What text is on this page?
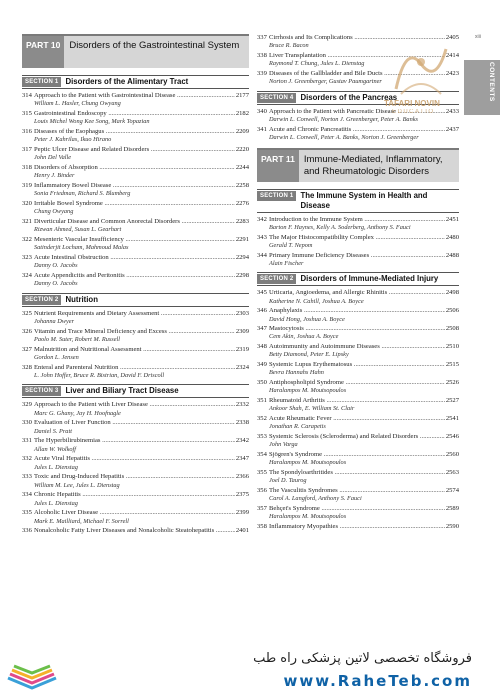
PART 10 Disorders of the Gastrointestinal System
SECTION 1 Disorders of the Alimentary Tract
314 Approach to the Patient with Gastrointestinal Disease .....	2177
William L. Hasler, Chung Owyang
315 Gastrointestinal Endoscopy .....	2182
Louis Michel Wong Kee Song, Mark Topazian
316 Diseases of the Esophagus .....	2209
Peter J. Kahrilas, Ikuo Hirano
317 Peptic Ulcer Disease and Related Disorders .....	2220
John Del Valle
318 Disorders of Absorption .....	2244
Henry J. Binder
319 Inflammatory Bowel Disease .....	2258
Sonia Friedman, Richard S. Blumberg
320 Irritable Bowel Syndrome .....	2276
Chung Owyang
321 Diverticular Disease and Common Anorectal Disorders .....	2283
Rizwan Ahmed, Susan L. Gearhart
322 Mesenteric Vascular Insufficiency .....	2291
Satinderjit Locham, Mahmoud Malas
323 Acute Intestinal Obstruction .....	2294
Danny O. Jacobs
324 Acute Appendicitis and Peritonitis .....	2298
Danny O. Jacobs
SECTION 2 Nutrition
325 Nutrient Requirements and Dietary Assessment .....	2303
Johanna Dwyer
326 Vitamin and Trace Mineral Deficiency and Excess .....	2309
Paolo M. Suter, Robert M. Russell
327 Malnutrition and Nutritional Assessment .....	2319
Gordon L. Jensen
328 Enteral and Parenteral Nutrition .....	2324
L. John Hoffer, Bruce R. Bistrian, David F. Driscoll
SECTION 3 Liver and Biliary Tract Disease
329 Approach to the Patient with Liver Disease .....	2332
Marc G. Ghany, Jay H. Hoofnagle
330 Evaluation of Liver Function .....	2338
Daniel S. Pratt
331 The Hyperbilirubinemias .....	2342
Allan W. Wolkoff
332 Acute Viral Hepatitis .....	2347
Jules L. Dienstag
333 Toxic and Drug-Induced Hepatitis .....	2366
William M. Lee, Jules L. Dienstag
334 Chronic Hepatitis .....	2375
Jules L. Dienstag
335 Alcoholic Liver Disease .....	2399
Mark E. Mailliard, Michael F. Sorrell
336 Nonalcoholic Fatty Liver Diseases and Nonalcoholic Steatohepatitis .....	2401
337 Cirrhosis and Its Complications .....	2405
Bruce R. Bacon
338 Liver Transplantation .....	2414
Raymond T. Chung, Jules L. Dienstag
339 Diseases of the Gallbladder and Bile Ducts .....	2423
Norton J. Greenberger, Gustav Paumgartner
SECTION 4 Disorders of the Pancreas
340 Approach to the Patient with Pancreatic Disease .....	2433
Darwin L. Conwell, Norton J. Greenberger, Peter A. Banks
341 Acute and Chronic Pancreatitis .....	2437
Darwin L. Conwell, Peter A. Banks, Norton J. Greenberger
PART 11 Immune-Mediated, Inflammatory, and Rheumatologic Disorders
SECTION 1 The Immune System in Health and Disease
342 Introduction to the Immune System .....	2451
Barton F. Haynes, Kelly A. Soderberg, Anthony S. Fauci
343 The Major Histocompatibility Complex .....	2480
Gerald T. Nepom
344 Primary Immune Deficiency Diseases .....	2488
Alain Fischer
SECTION 2 Disorders of Immune-Mediated Injury
345 Urticaria, Angioedema, and Allergic Rhinitis .....	2498
Katherine N. Cahill, Joshua A. Boyce
346 Anaphylaxis .....	2506
David Hong, Joshua A. Boyce
347 Mastocytosis .....	2508
Cem Akin, Joshua A. Boyce
348 Autoimmunity and Autoimmune Diseases .....	2510
Betty Diamond, Peter E. Lipsky
349 Systemic Lupus Erythematosus .....	2515
Bevra Hannahs Hahn
350 Antiphospholipid Syndrome .....	2526
Haralampos M. Moutsopoulos
351 Rheumatoid Arthritis .....	2527
Ankoor Shah, E. William St. Clair
352 Acute Rheumatic Fever .....	2541
Jonathan R. Carapetis
353 Systemic Sclerosis (Scleroderma) and Related Disorders .....	2546
John Varga
354 Sjögren's Syndrome .....	2560
Haralampos M. Moutsopoulos
355 The Spondyloarthritides .....	2563
Joel D. Taurog
356 The Vasculitis Syndromes .....	2574
Carol A. Langford, Anthony S. Fauci
357 Behçet's Syndrome .....	2589
Haralampos M. Moutsopoulos
358 Inflammatory Myopathies .....	2590
xiii
TAFARI NOVIN
EDUCATIO
CONTENTS
فروشگاه تخصصی لاتین پزشکی راه طب
www.RaheTeb.com
